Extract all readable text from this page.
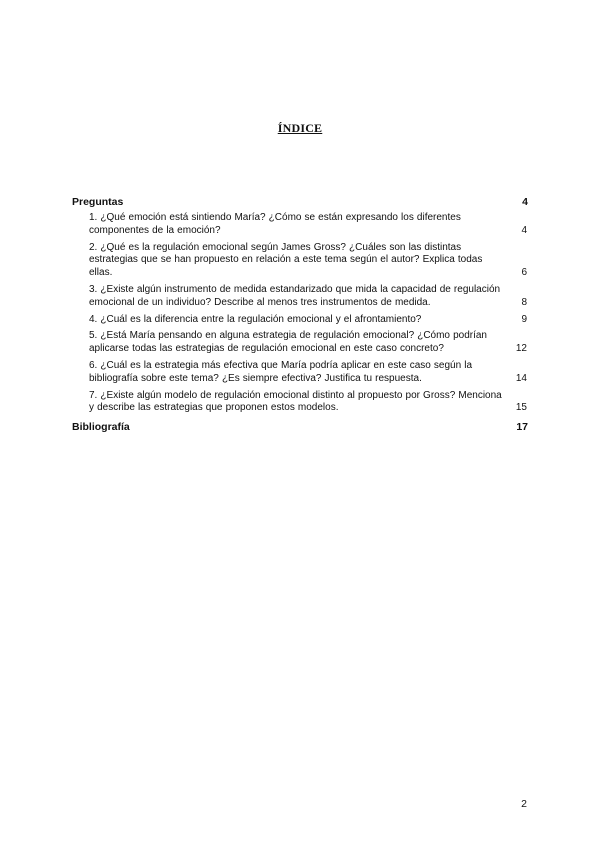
ÍNDICE
Preguntas	4
1. ¿Qué emoción está sintiendo María? ¿Cómo se están expresando los diferentes componentes de la emoción?	4
2. ¿Qué es la regulación emocional según James Gross? ¿Cuáles son las distintas estrategias que se han propuesto en relación a este tema según el autor? Explica todas ellas.	6
3. ¿Existe algún instrumento de medida estandarizado que mida la capacidad de regulación emocional de un individuo? Describe al menos tres instrumentos de medida.	8
4. ¿Cuál es la diferencia entre la regulación emocional y el afrontamiento?	9
5. ¿Está María pensando en alguna estrategia de regulación emocional? ¿Cómo podrían aplicarse todas las estrategias de regulación emocional en este caso concreto?	12
6. ¿Cuál es la estrategia más efectiva que María podría aplicar en este caso según la bibliografía sobre este tema? ¿Es siempre efectiva? Justifica tu respuesta.	14
7. ¿Existe algún modelo de regulación emocional distinto al propuesto por Gross? Menciona y describe las estrategias que proponen estos modelos.	15
Bibliografía	17
2
